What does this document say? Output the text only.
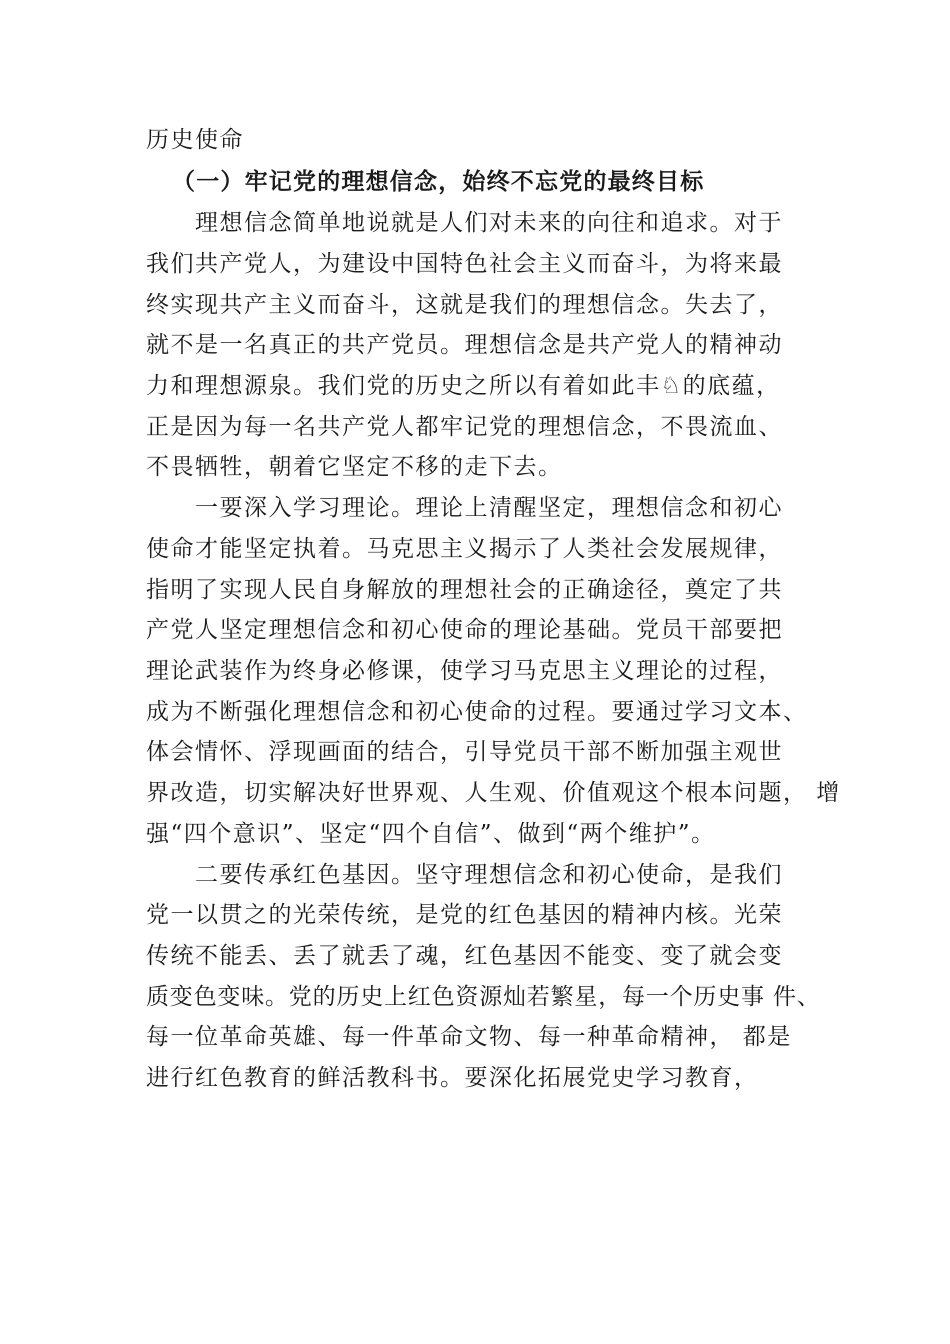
历史使命
（一）牢记党的理想信念，始终不忘党的最终目标
理想信念简单地说就是人们对未来的向往和追求。对于
我们共产党人，为建设中国特色社会主义而奋斗，为将来最
终实现共产主义而奋斗，这就是我们的理想信念。失去了，
就不是一名真正的共产党员。理想信念是共产党人的精神动
力和理想源泉。我们党的历史之所以有着如此丰♘的底蕴，
正是因为每一名共产党人都牢记党的理想信念，不畏流血、
不畏牺牲，朝着它坚定不移的走下去。
一要深入学习理论。理论上清醒坚定，理想信念和初心
使命才能坚定执着。马克思主义揭示了人类社会发展规律，
指明了实现人民自身解放的理想社会的正确途径，奠定了共
产党人坚定理想信念和初心使命的理论基础。党员干部要把
理论武装作为终身必修课，使学习马克思主义理论的过程，
成为不断强化理想信念和初心使命的过程。要通过学习文本、
体会情怀、浮现画面的结合，引导党员干部不断加强主观世
界改造，切实解决好世界观、人生观、价值观这个根本问题， 增
强“四个意识”、坚定“四个自信”、做到“两个维护”。
二要传承红色基因。坚守理想信念和初心使命，是我们
党一以贯之的光荣传统，是党的红色基因的精神内核。光荣
传统不能丢、丢了就丢了魂，红色基因不能变、变了就会变
质变色变味。党的历史上红色资源灿若繁星，每一个历史事 件、
每一位革命英雄、每一件革命文物、每一种革命精神， 都是
进行红色教育的鲜活教科书。要深化拓展党史学习教育，
